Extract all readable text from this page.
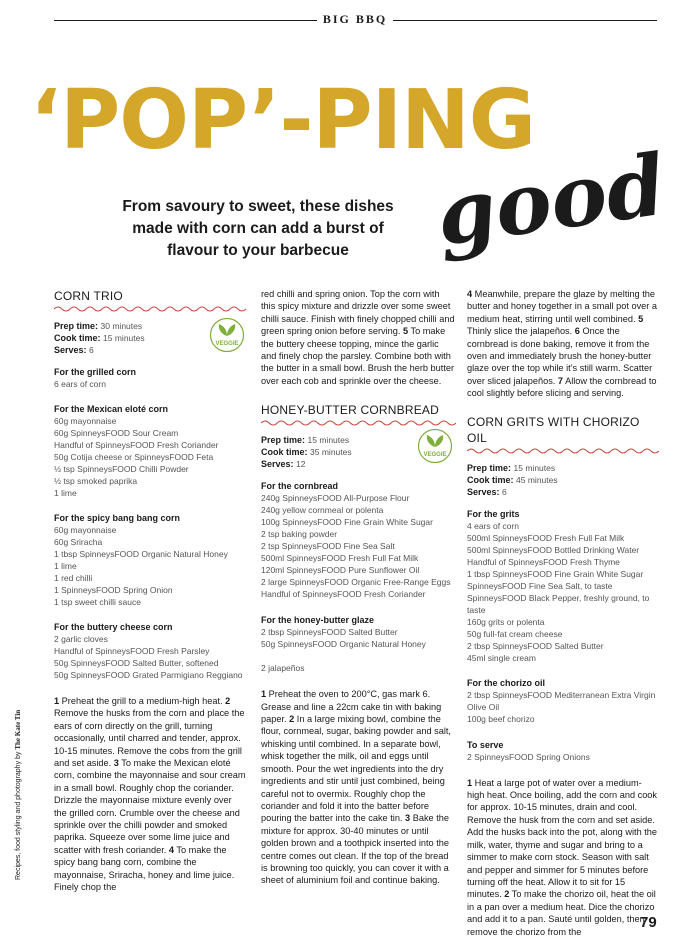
BIG BBQ
‘POP’-PING
good
From savoury to sweet, these dishes made with corn can add a burst of flavour to your barbecue
CORN TRIO
Prep time: 30 minutes
Cook time: 15 minutes
Serves: 6
For the grilled corn
6 ears of corn
For the Mexican eloté corn
60g mayonnaise
60g SpinneysFOOD Sour Cream
Handful of SpinneysFOOD Fresh Coriander
50g Cotija cheese or SpinneysFOOD Feta
½ tsp SpinneysFOOD Chilli Powder
½ tsp smoked paprika
1 lime
For the spicy bang bang corn
60g mayonnaise
60g Sriracha
1 tbsp SpinneysFOOD Organic Natural Honey
1 lime
1 red chilli
1 SpinneysFOOD Spring Onion
1 tsp sweet chilli sauce
For the buttery cheese corn
2 garlic cloves
Handful of SpinneysFOOD Fresh Parsley
50g SpinneysFOOD Salted Butter, softened
50g SpinneysFOOD Grated Parmigiano Reggiano
1 Preheat the grill to a medium-high heat. 2 Remove the husks from the corn and place the ears of corn directly on the grill, turning occasionally, until charred and tender, approx. 10-15 minutes. Remove the cobs from the grill and set aside. 3 To make the Mexican eloté corn, combine the mayonnaise and sour cream in a small bowl. Roughly chop the coriander. Drizzle the mayonnaise mixture evenly over the grilled corn. Crumble over the cheese and sprinkle over the chilli powder and smoked paprika. Squeeze over some lime juice and scatter with fresh coriander. 4 To make the spicy bang bang corn, combine the mayonnaise, Sriracha, honey and lime juice. Finely chop the
VEGGIE
red chilli and spring onion. Top the corn with this spicy mixture and drizzle over some sweet chilli sauce. Finish with finely chopped chilli and green spring onion before serving. 5 To make the buttery cheese topping, mince the garlic and finely chop the parsley. Combine both with the butter in a small bowl. Brush the herb butter over each cob and sprinkle over the cheese.
HONEY-BUTTER CORNBREAD
Prep time: 15 minutes
Cook time: 35 minutes
Serves: 12
For the cornbread
240g SpinneysFOOD All-Purpose Flour
240g yellow cornmeal or polenta
100g SpinneysFOOD Fine Grain White Sugar
2 tsp baking powder
2 tsp SpinneysFOOD Fine Sea Salt
500ml SpinneysFOOD Fresh Full Fat Milk
120ml SpinneysFOOD Pure Sunflower Oil
2 large SpinneysFOOD Organic Free-Range Eggs
Handful of SpinneysFOOD Fresh Coriander
For the honey-butter glaze
2 tbsp SpinneysFOOD Salted Butter
50g SpinneysFOOD Organic Natural Honey
2 jalapeños
1 Preheat the oven to 200°C, gas mark 6. Grease and line a 22cm cake tin with baking paper. 2 In a large mixing bowl, combine the flour, cornmeal, sugar, baking powder and salt, whisking until combined. In a separate bowl, whisk together the milk, oil and eggs until smooth. Pour the wet ingredients into the dry ingredients and stir until just combined, being careful not to overmix. Roughly chop the coriander and fold it into the batter before pouring the batter into the cake tin. 3 Bake the mixture for approx. 30-40 minutes or until golden brown and a toothpick inserted into the centre comes out clean. If the top of the bread is browning too quickly, you can cover it with a sheet of aluminium foil and continue baking.
VEGGIE
4 Meanwhile, prepare the glaze by melting the butter and honey together in a small pot over a medium heat, stirring until well combined. 5 Thinly slice the jalapeños. 6 Once the cornbread is done baking, remove it from the oven and immediately brush the honey-butter glaze over the top while it’s still warm. Scatter over sliced jalapeños. 7 Allow the cornbread to cool slightly before slicing and serving.
CORN GRITS WITH CHORIZO OIL
Prep time: 15 minutes
Cook time: 45 minutes
Serves: 6
For the grits
4 ears of corn
500ml SpinneysFOOD Fresh Full Fat Milk
500ml SpinneysFOOD Bottled Drinking Water
Handful of SpinneysFOOD Fresh Thyme
1 tbsp SpinneysFOOD Fine Grain White Sugar
SpinneysFOOD Fine Sea Salt, to taste
SpinneysFOOD Black Pepper, freshly ground, to taste
160g grits or polenta
50g full-fat cream cheese
2 tbsp SpinneysFOOD Salted Butter
45ml single cream
For the chorizo oil
2 tbsp SpinneysFOOD Mediterranean Extra Virgin Olive Oil
100g beef chorizo
To serve
2 SpinneysFOOD Spring Onions
1 Heat a large pot of water over a medium-high heat. Once boiling, add the corn and cook for approx. 10-15 minutes, drain and cool. Remove the husk from the corn and set aside. Add the husks back into the pot, along with the milk, water, thyme and sugar and bring to a simmer to make corn stock. Season with salt and pepper and simmer for 5 minutes before turning off the heat. Allow it to sit for 15 minutes. 2 To make the chorizo oil, heat the oil in a pan over a medium heat. Dice the chorizo and add it to a pan. Sauté until golden, then remove the chorizo from the
Recipes, food styling and photography by The Kate Tin
79
